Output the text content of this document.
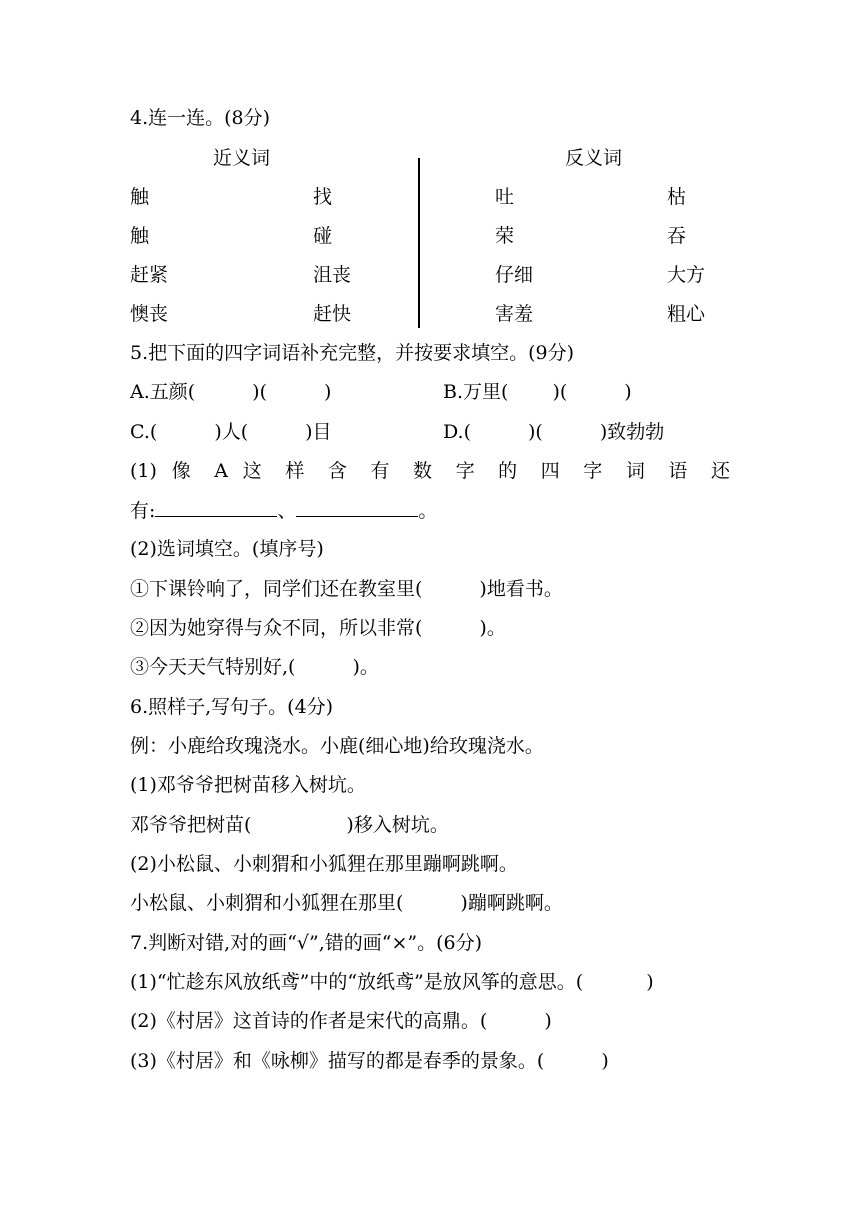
4.连一连。(8分)
近义词	反义词
触	找	吐	枯
触	碰	荣	吞
赶紧	沮丧	仔细	大方
懊丧	赶快	害羞	粗心
5.把下面的四字词语补充完整，并按要求填空。(9分)
A.五颜(　　　)(　　　)	B.万里(　　 )(　　　)
C.(　　　)人(　　　)目	D.(　　　)(　　　)致勃勃
(1) 像 A 这 样 含 有 数 字 的 四 字 词 语 还
有:	、	。
(2)选词填空。(填序号)
①下课铃响了，同学们还在教室里(　　　)地看书。
②因为她穿得与众不同，所以非常(　　　)。
③今天天气特别好,(　　　)。
6.照样子,写句子。(4分)
例：小鹿给玫瑰浇水。小鹿(细心地)给玫瑰浇水。
(1)邓爷爷把树苗移入树坑。
邓爷爷把树苗(　　　　　)移入树坑。
(2)小松鼠、小刺猬和小狐狸在那里蹦啊跳啊。
小松鼠、小刺猬和小狐狸在那里(　　　)蹦啊跳啊。
7.判断对错,对的画“√”,错的画“×”。(6分)
(1)“忙趁东风放纸鸢”中的“放纸鸢”是放风筝的意思。(　　　 )
(2)《村居》这首诗的作者是宋代的高鼎。(　　　)
(3)《村居》和《咏柳》描写的都是春季的景象。(　　　)
